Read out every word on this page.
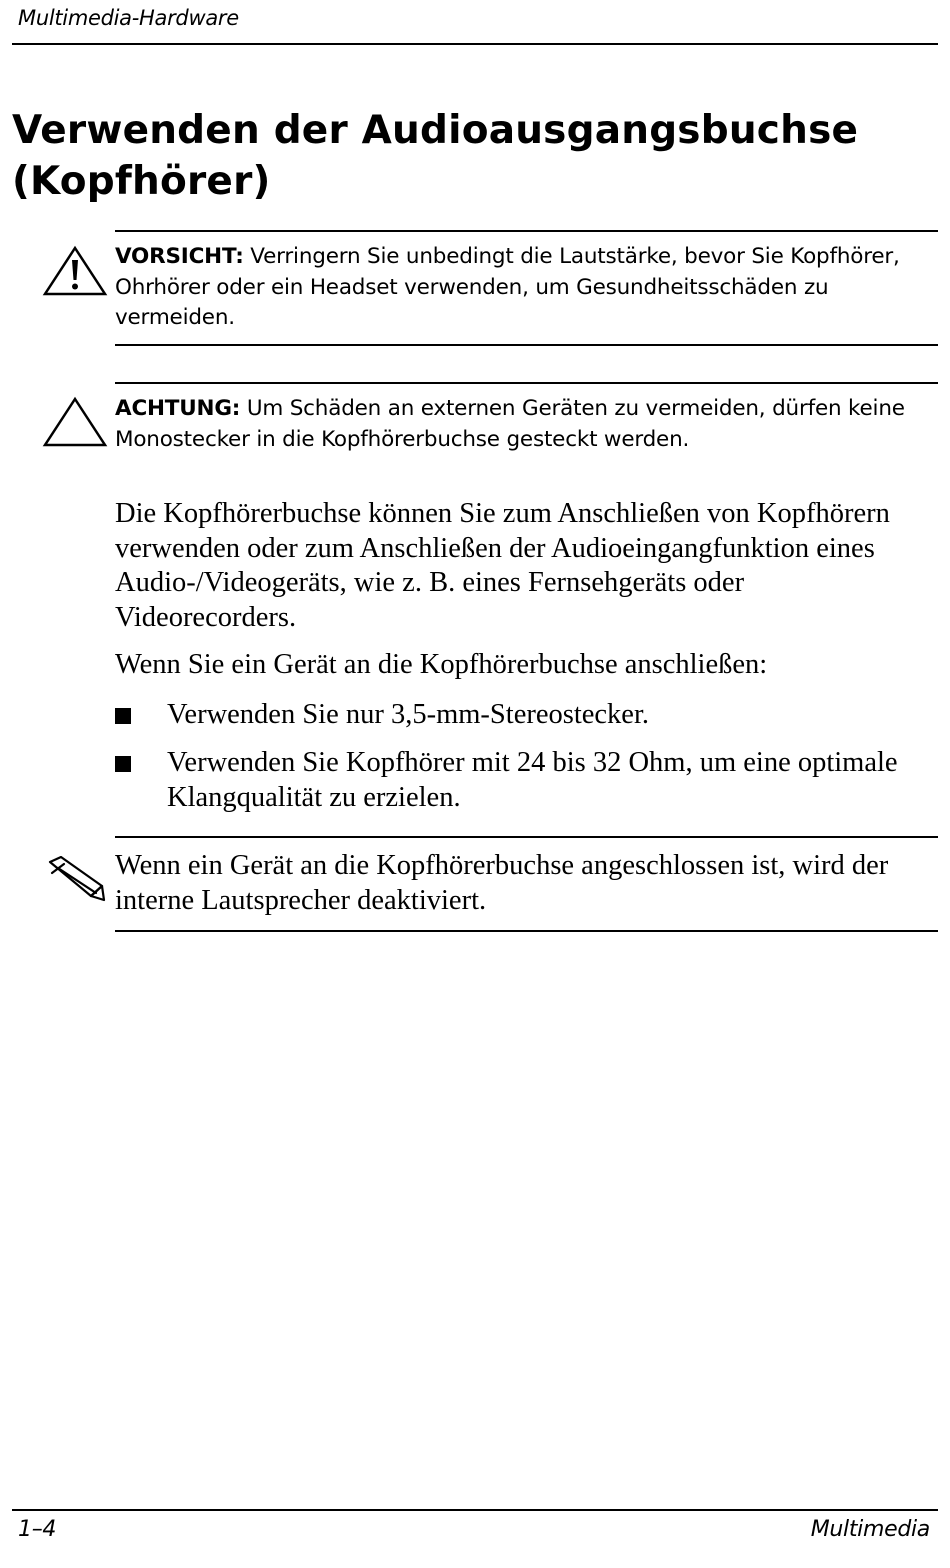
Multimedia-Hardware
Verwenden der Audioausgangsbuchse (Kopfhörer)
VORSICHT: Verringern Sie unbedingt die Lautstärke, bevor Sie Kopfhörer, Ohrhörer oder ein Headset verwenden, um Gesundheitsschäden zu vermeiden.
ACHTUNG: Um Schäden an externen Geräten zu vermeiden, dürfen keine Monostecker in die Kopfhörerbuchse gesteckt werden.

Die Kopfhörerbuchse können Sie zum Anschließen von Kopfhörern verwenden oder zum Anschließen der Audioeingangfunktion eines Audio-/Videogeräts, wie z. B. eines Fernsehgeräts oder Videorecorders.

Wenn Sie ein Gerät an die Kopfhörerbuchse anschließen:

Verwenden Sie nur 3,5-mm-Stereostecker.
Verwenden Sie Kopfhörer mit 24 bis 32 Ohm, um eine optimale Klangqualität zu erzielen.

Wenn ein Gerät an die Kopfhörerbuchse angeschlossen ist, wird der interne Lautsprecher deaktiviert.

1–4	Multimedia
